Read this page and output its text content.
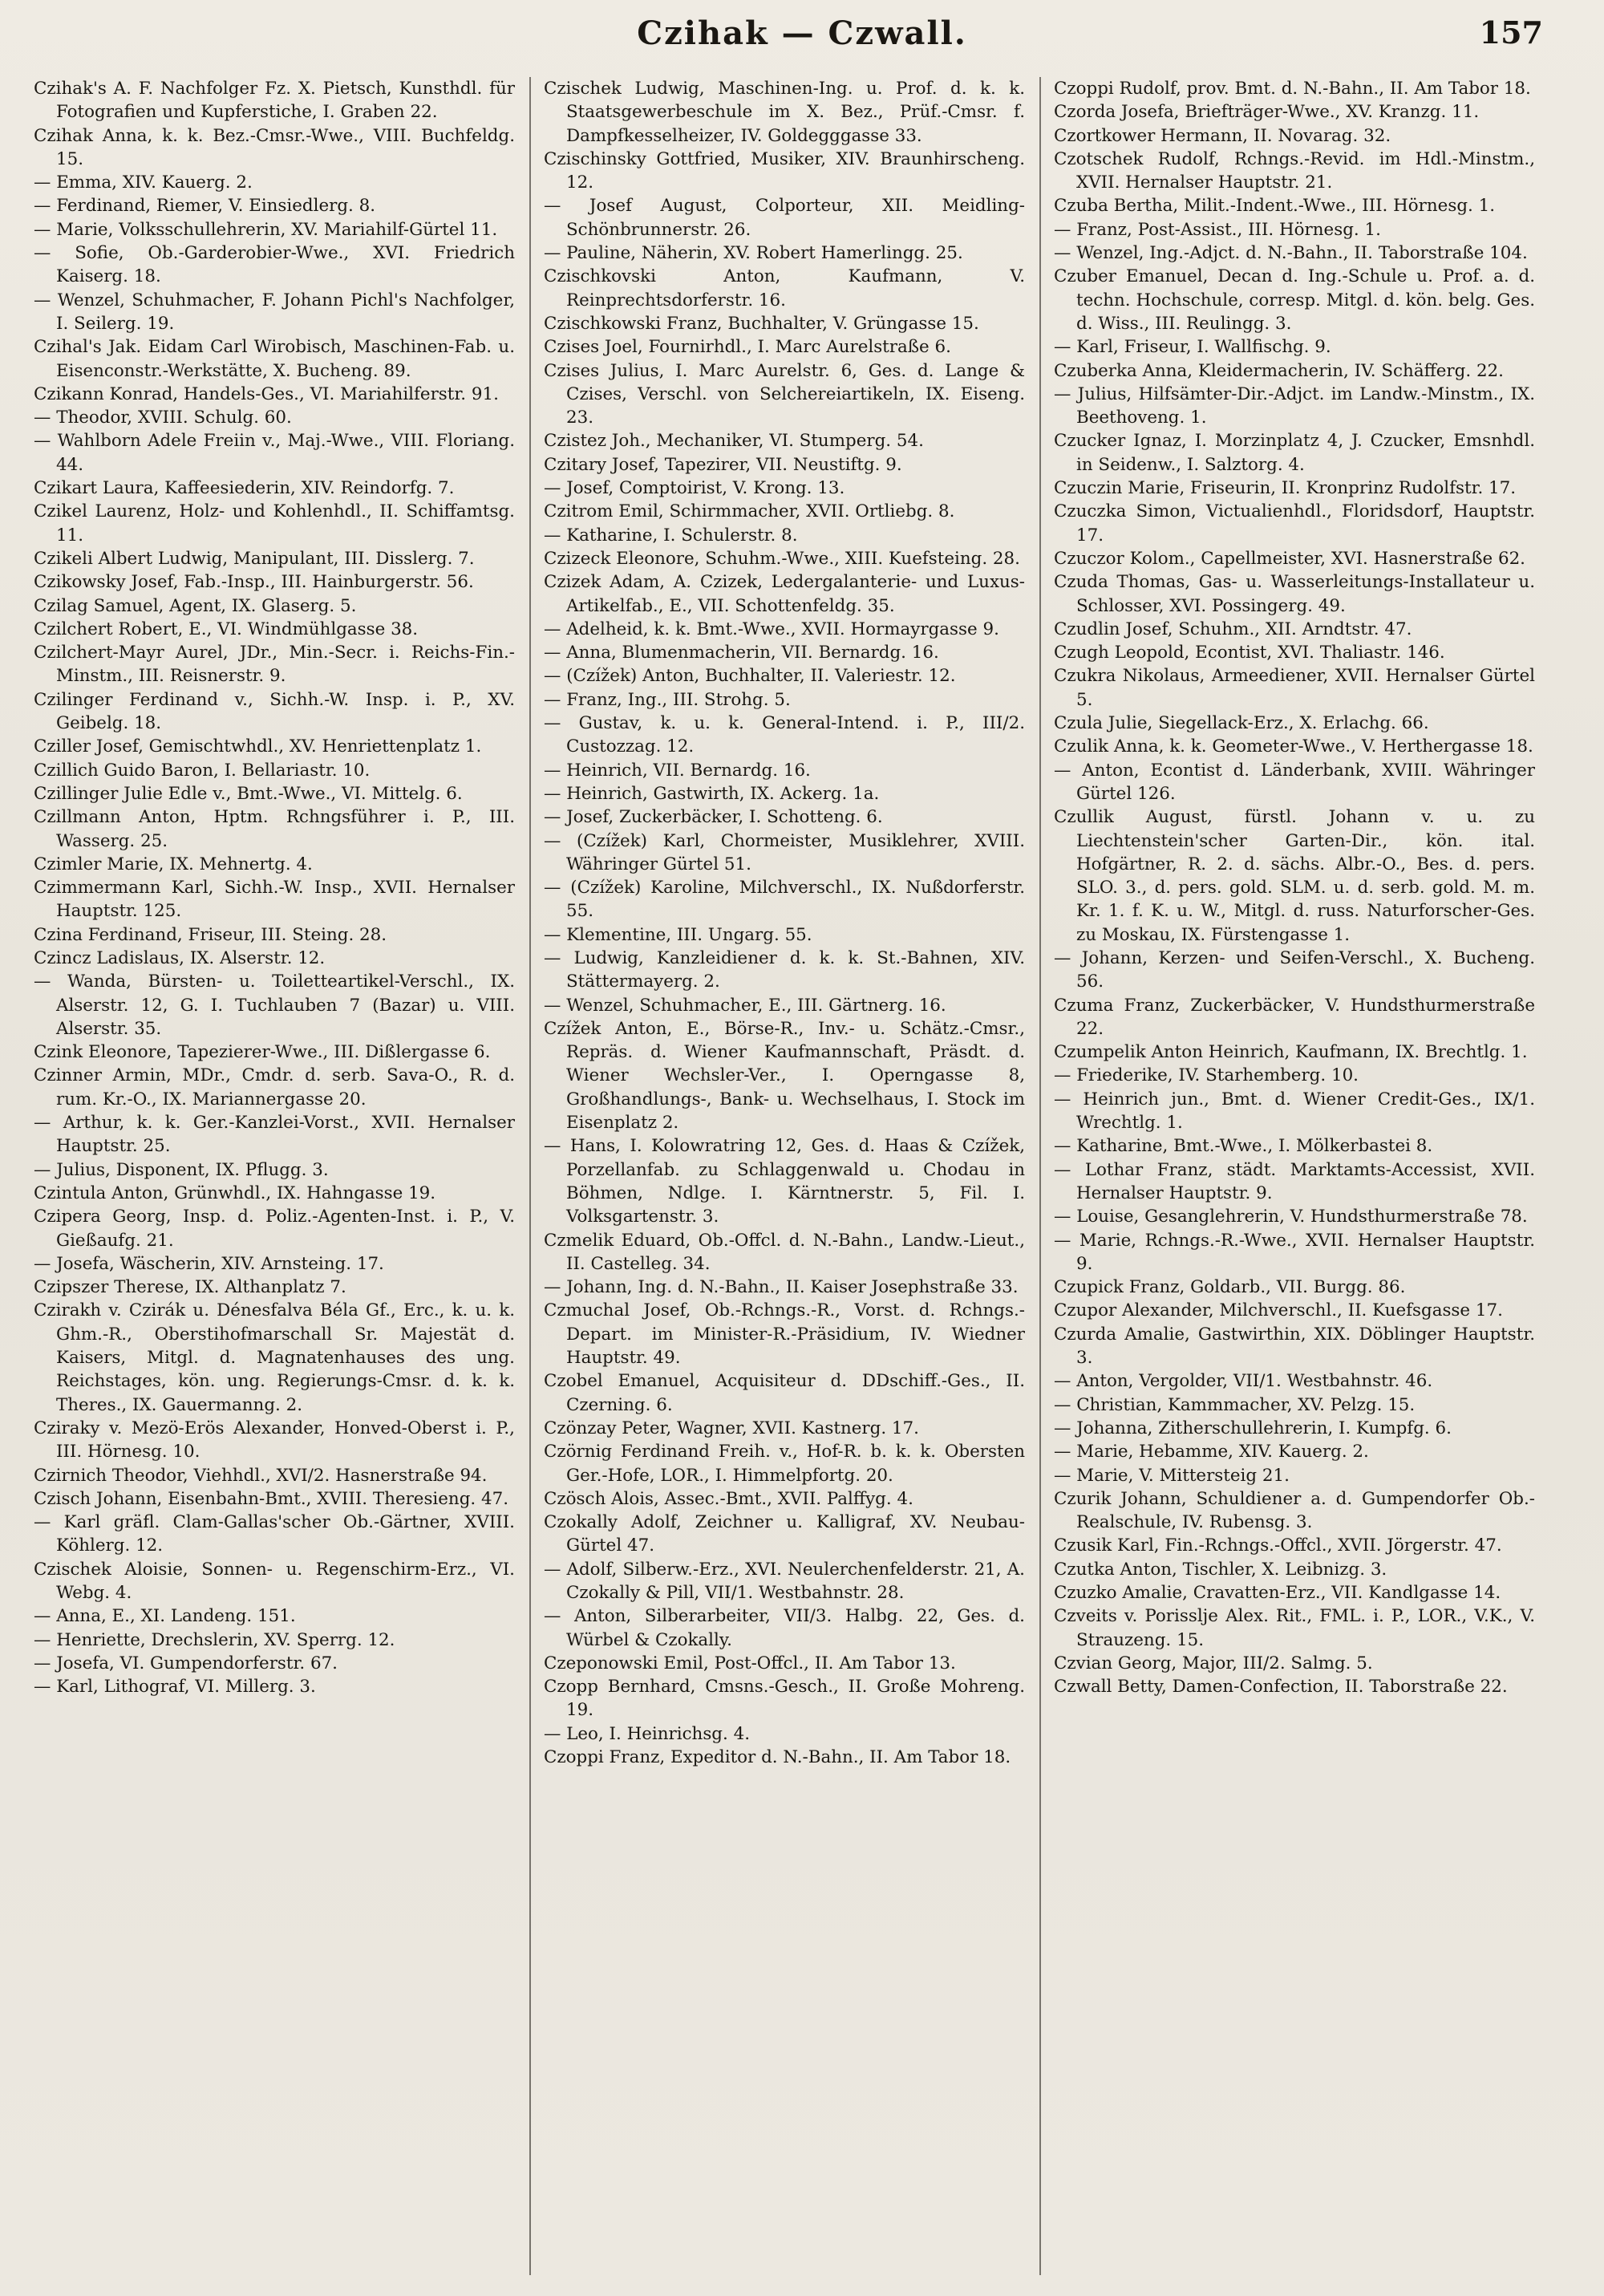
Czihak — Czwall.	157

Czihak's A. F. Nachfolger Fz. X. Pietsch, Kunsthdl. für Fotografien und Kupferstiche, I. Graben 22.

Czihak Anna, k. k. Bez.-Cmsr.-Wwe., VIII. Buchfeldg. 15.

— Emma, XIV. Kauerg. 2.

— Ferdinand, Riemer, V. Einsiedlerg. 8.

— Marie, Volksschullehrerin, XV. Mariahilf-Gürtel 11.

— Sofie, Ob.-Garderobier-Wwe., XVI. Friedrich Kaiserg. 18.

— Wenzel, Schuhmacher, F. Johann Pichl's Nachfolger, I. Seilerg. 19.

Czihal's Jak. Eidam Carl Wirobisch, Maschinen-Fab. u. Eisenconstr.-Werkstätte, X. Bucheng. 89.

Czikann Konrad, Handels-Ges., VI. Mariahilferstr. 91.

— Theodor, XVIII. Schulg. 60.

— Wahlborn Adele Freiin v., Maj.-Wwe., VIII. Floriang. 44.

Czikart Laura, Kaffeesiederin, XIV. Reindorfg. 7.

Czikel Laurenz, Holz- und Kohlenhdl., II. Schiffamtsg. 11.

Czikeli Albert Ludwig, Manipulant, III. Disslerg. 7.

Czikowsky Josef, Fab.-Insp., III. Hainburgerstr. 56.

Czilag Samuel, Agent, IX. Glaserg. 5.

Czilchert Robert, E., VI. Windmühlgasse 38.

Czilchert-Mayr Aurel, JDr., Min.-Secr. i. Reichs-Fin.-Minstm., III. Reisnerstr. 9.

Czilinger Ferdinand v., Sichh.-W. Insp. i. P., XV. Geibelg. 18.

Cziller Josef, Gemischtwhdl., XV. Henriettenplatz 1.

Czillich Guido Baron, I. Bellariastr. 10.

Czillinger Julie Edle v., Bmt.-Wwe., VI. Mittelg. 6.

Czillmann Anton, Hptm. Rchngsführer i. P., III. Wasserg. 25.

Czimler Marie, IX. Mehnertg. 4.

Czimmermann Karl, Sichh.-W. Insp., XVII. Hernalser Hauptstr. 125.

Czina Ferdinand, Friseur, III. Steing. 28.

Czincz Ladislaus, IX. Alserstr. 12.

— Wanda, Bürsten- u. Toiletteartikel-Verschl., IX. Alserstr. 12, G. I. Tuchlauben 7 (Bazar) u. VIII. Alserstr. 35.

Czink Eleonore, Tapezierer-Wwe., III. Dißlergasse 6.

Czinner Armin, MDr., Cmdr. d. serb. Sava-O., R. d. rum. Kr.-O., IX. Mariannergasse 20.

— Arthur, k. k. Ger.-Kanzlei-Vorst., XVII. Hernalser Hauptstr. 25.

— Julius, Disponent, IX. Pflugg. 3.

Czintula Anton, Grünwhdl., IX. Hahngasse 19.

Czipera Georg, Insp. d. Poliz.-Agenten-Inst. i. P., V. Gießaufg. 21.

— Josefa, Wäscherin, XIV. Arnsteing. 17.

Czipszer Therese, IX. Althanplatz 7.

Czirakh v. Czirák u. Dénesfalva Béla Gf., Erc., k. u. k. Ghm.-R., Oberstihofmarschall Sr. Majestät d. Kaisers, Mitgl. d. Magnatenhauses des ung. Reichstages, kön. ung. Regierungs-Cmsr. d. k. k. Theres., IX. Gauermanng. 2.

Cziraky v. Mezö-Erös Alexander, Honved-Oberst i. P., III. Hörnesg. 10.

Czirnich Theodor, Viehhdl., XVI/2. Hasnerstraße 94.

Czisch Johann, Eisenbahn-Bmt., XVIII. Theresieng. 47.

— Karl gräfl. Clam-Gallas'scher Ob.-Gärtner, XVIII. Köhlerg. 12.

Czischek Aloisie, Sonnen- u. Regenschirm-Erz., VI. Webg. 4.

— Anna, E., XI. Landeng. 151.

— Henriette, Drechslerin, XV. Sperrg. 12.

— Josefa, VI. Gumpendorferstr. 67.

— Karl, Lithograf, VI. Millerg. 3.

Czischek Ludwig, Maschinen-Ing. u. Prof. d. k. k. Staatsgewerbeschule im X. Bez., Prüf.-Cmsr. f. Dampfkesselheizer, IV. Goldegggasse 33.

Czischinsky Gottfried, Musiker, XIV. Braunhirscheng. 12.

— Josef August, Colporteur, XII. Meidling-Schönbrunnerstr. 26.

— Pauline, Näherin, XV. Robert Hamerlingg. 25.

Czischkovski Anton, Kaufmann, V. Reinprechtsdorferstr. 16.

Czischkowski Franz, Buchhalter, V. Grüngasse 15.

Czises Joel, Fournirhdl., I. Marc Aurelstraße 6.

Czises Julius, I. Marc Aurelstr. 6, Ges. d. Lange & Czises, Verschl. von Selchereiartikeln, IX. Eiseng. 23.

Czistez Joh., Mechaniker, VI. Stumperg. 54.

Czitary Josef, Tapezirer, VII. Neustiftg. 9.

— Josef, Comptoirist, V. Krong. 13.

Czitrom Emil, Schirmmacher, XVII. Ortliebg. 8.

— Katharine, I. Schulerstr. 8.

Czizeck Eleonore, Schuhm.-Wwe., XIII. Kuefsteing. 28.

Czizek Adam, A. Czizek, Ledergalanterie- und Luxus-Artikelfab., E., VII. Schottenfeldg. 35.

— Adelheid, k. k. Bmt.-Wwe., XVII. Hormayrgasse 9.

— Anna, Blumenmacherin, VII. Bernardg. 16.

— (Czížek) Anton, Buchhalter, II. Valeriestr. 12.

— Franz, Ing., III. Strohg. 5.

— Gustav, k. u. k. General-Intend. i. P., III/2. Custozzag. 12.

— Heinrich, VII. Bernardg. 16.

— Heinrich, Gastwirth, IX. Ackerg. 1a.

— Josef, Zuckerbäcker, I. Schotteng. 6.

— (Czížek) Karl, Chormeister, Musiklehrer, XVIII. Währinger Gürtel 51.

— (Czížek) Karoline, Milchverschl., IX. Nußdorferstr. 55.

— Klementine, III. Ungarg. 55.

— Ludwig, Kanzleidiener d. k. k. St.-Bahnen, XIV. Stättermayerg. 2.

— Wenzel, Schuhmacher, E., III. Gärtnerg. 16.

Czížek Anton, E., Börse-R., Inv.- u. Schätz.-Cmsr., Repräs. d. Wiener Kaufmannschaft, Präsdt. d. Wiener Wechsler-Ver., I. Operngasse 8, Großhandlungs-, Bank- u. Wechselhaus, I. Stock im Eisenplatz 2.

— Hans, I. Kolowratring 12, Ges. d. Haas & Czížek, Porzellanfab. zu Schlaggenwald u. Chodau in Böhmen, Ndlge. I. Kärntnerstr. 5, Fil. I. Volksgartenstr. 3.

Czmelik Eduard, Ob.-Offcl. d. N.-Bahn., Landw.-Lieut., II. Castelleg. 34.

— Johann, Ing. d. N.-Bahn., II. Kaiser Josephstraße 33.

Czmuchal Josef, Ob.-Rchngs.-R., Vorst. d. Rchngs.-Depart. im Minister-R.-Präsidium, IV. Wiedner Hauptstr. 49.

Czobel Emanuel, Acquisiteur d. DDschiff.-Ges., II. Czerning. 6.

Czönzay Peter, Wagner, XVII. Kastnerg. 17.

Czörnig Ferdinand Freih. v., Hof-R. b. k. k. Obersten Ger.-Hofe, LOR., I. Himmelpfortg. 20.

Czösch Alois, Assec.-Bmt., XVII. Palffyg. 4.

Czokally Adolf, Zeichner u. Kalligraf, XV. Neubau-Gürtel 47.

— Adolf, Silberw.-Erz., XVI. Neulerchenfelderstr. 21, A. Czokally & Pill, VII/1. Westbahnstr. 28.

— Anton, Silberarbeiter, VII/3. Halbg. 22, Ges. d. Würbel & Czokally.

Czeponowski Emil, Post-Offcl., II. Am Tabor 13.

Czopp Bernhard, Cmsns.-Gesch., II. Große Mohreng. 19.

— Leo, I. Heinrichsg. 4.

Czoppi Franz, Expeditor d. N.-Bahn., II. Am Tabor 18.

Czoppi Rudolf, prov. Bmt. d. N.-Bahn., II. Am Tabor 18.

Czorda Josefa, Briefträger-Wwe., XV. Kranzg. 11.

Czortkower Hermann, II. Novarag. 32.

Czotschek Rudolf, Rchngs.-Revid. im Hdl.-Minstm., XVII. Hernalser Hauptstr. 21.

Czuba Bertha, Milit.-Indent.-Wwe., III. Hörnesg. 1.

— Franz, Post-Assist., III. Hörnesg. 1.

— Wenzel, Ing.-Adjct. d. N.-Bahn., II. Taborstraße 104.

Czuber Emanuel, Decan d. Ing.-Schule u. Prof. a. d. techn. Hochschule, corresp. Mitgl. d. kön. belg. Ges. d. Wiss., III. Reulingg. 3.

— Karl, Friseur, I. Wallfischg. 9.

Czuberka Anna, Kleidermacherin, IV. Schäfferg. 22.

— Julius, Hilfsämter-Dir.-Adjct. im Landw.-Minstm., IX. Beethoveng. 1.

Czucker Ignaz, I. Morzinplatz 4, J. Czucker, Emsnhdl. in Seidenw., I. Salztorg. 4.

Czuczin Marie, Friseurin, II. Kronprinz Rudolfstr. 17.

Czuczka Simon, Victualienhdl., Floridsdorf, Hauptstr. 17.

Czuczor Kolom., Capellmeister, XVI. Hasnerstraße 62.

Czuda Thomas, Gas- u. Wasserleitungs-Installateur u. Schlosser, XVI. Possingerg. 49.

Czudlin Josef, Schuhm., XII. Arndtstr. 47.

Czugh Leopold, Econtist, XVI. Thaliastr. 146.

Czukra Nikolaus, Armeediener, XVII. Hernalser Gürtel 5.

Czula Julie, Siegellack-Erz., X. Erlachg. 66.

Czulik Anna, k. k. Geometer-Wwe., V. Herthergasse 18.

— Anton, Econtist d. Länderbank, XVIII. Währinger Gürtel 126.

Czullik August, fürstl. Johann v. u. zu Liechtenstein'scher Garten-Dir., kön. ital. Hofgärtner, R. 2. d. sächs. Albr.-O., Bes. d. pers. SLO. 3., d. pers. gold. SLM. u. d. serb. gold. M. m. Kr. 1. f. K. u. W., Mitgl. d. russ. Naturforscher-Ges. zu Moskau, IX. Fürstengasse 1.

— Johann, Kerzen- und Seifen-Verschl., X. Bucheng. 56.

Czuma Franz, Zuckerbäcker, V. Hundsthurmerstraße 22.

Czumpelik Anton Heinrich, Kaufmann, IX. Brechtlg. 1.

— Friederike, IV. Starhemberg. 10.

— Heinrich jun., Bmt. d. Wiener Credit-Ges., IX/1. Wrechtlg. 1.

— Katharine, Bmt.-Wwe., I. Mölkerbastei 8.

— Lothar Franz, städt. Marktamts-Accessist, XVII. Hernalser Hauptstr. 9.

— Louise, Gesanglehrerin, V. Hundsthurmerstraße 78.

— Marie, Rchngs.-R.-Wwe., XVII. Hernalser Hauptstr. 9.

Czupick Franz, Goldarb., VII. Burgg. 86.

Czupor Alexander, Milchverschl., II. Kuefsgasse 17.

Czurda Amalie, Gastwirthin, XIX. Döblinger Hauptstr. 3.

— Anton, Vergolder, VII/1. Westbahnstr. 46.

— Christian, Kammmacher, XV. Pelzg. 15.

— Johanna, Zitherschullehrerin, I. Kumpfg. 6.

— Marie, Hebamme, XIV. Kauerg. 2.

— Marie, V. Mittersteig 21.

Czurik Johann, Schuldiener a. d. Gumpendorfer Ob.-Realschule, IV. Rubensg. 3.

Czusik Karl, Fin.-Rchngs.-Offcl., XVII. Jörgerstr. 47.

Czutka Anton, Tischler, X. Leibnizg. 3.

Czuzko Amalie, Cravatten-Erz., VII. Kandlgasse 14.

Czveits v. Porisslje Alex. Rit., FML. i. P., LOR., V.K., V. Strauzeng. 15.

Czvian Georg, Major, III/2. Salmg. 5.

Czwall Betty, Damen-Confection, II. Taborstraße 22.
